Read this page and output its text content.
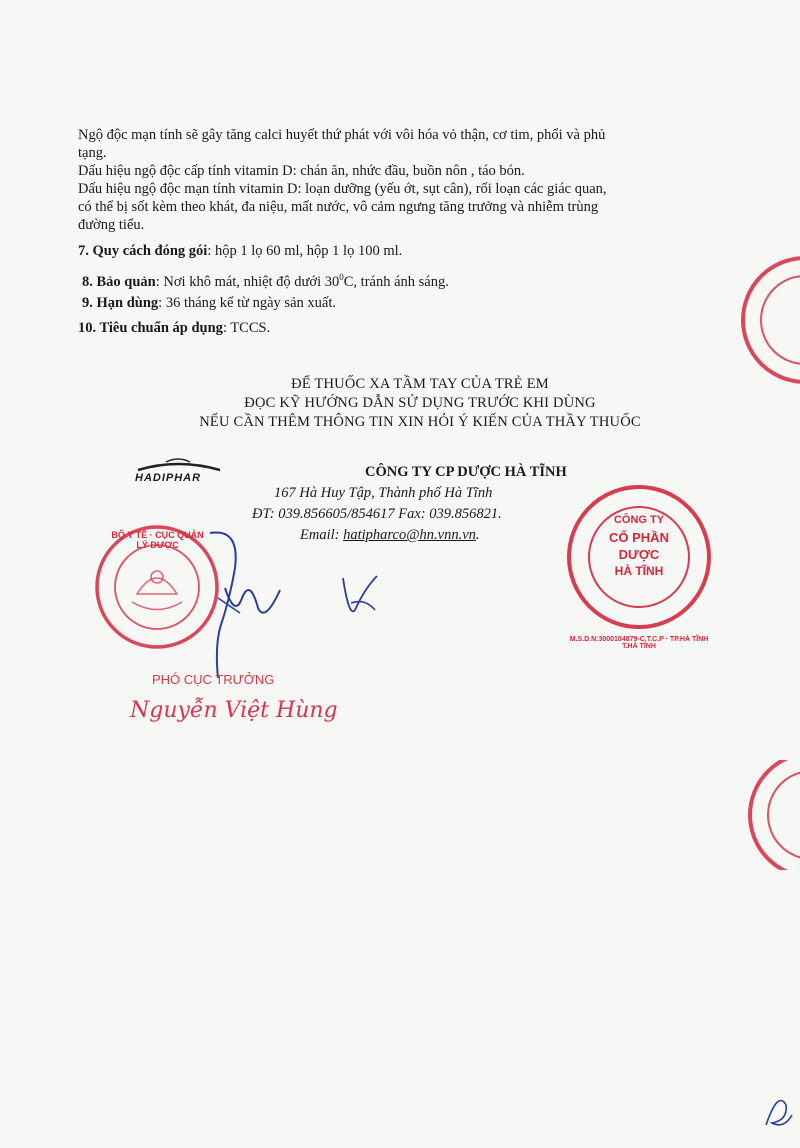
Ngộ độc mạn tính sẽ gây tăng calci huyết thứ phát với vôi hóa vỏ thận, cơ tim, phổi và phủ

tạng.

Dấu hiệu ngộ độc cấp tính vitamin D: chán ăn, nhức đầu, buồn nôn , táo bón.

Dấu hiệu ngộ độc mạn tính vitamin D: loạn dưỡng (yếu ớt, sụt cân), rối loạn các giác quan,

có thể bị sốt kèm theo khát, đa niệu, mất nước, vô cảm ngưng tăng trưởng và nhiễm trùng

đường tiểu.

7. Quy cách đóng gói: hộp 1 lọ 60 ml, hộp 1 lọ 100 ml.
8. Bảo quản: Nơi khô mát, nhiệt độ dưới $30^0C$, tránh ánh sáng.
9. Hạn dùng: 36 tháng kể từ ngày sản xuất.
10. Tiêu chuẩn áp dụng: TCCS.
ĐỂ THUỐC XA TẦM TAY CỦA TRẺ EM
ĐỌC KỸ HƯỚNG DẪN SỬ DỤNG TRƯỚC KHI DÙNG
NẾU CẦN THÊM THÔNG TIN XIN HỎI Ý KIẾN CỦA THẦY THUỐC
HADIPHAR	CÔNG TY CP DƯỢC HÀ TĨNH
167 Hà Huy Tập, Thành phố Hà Tĩnh
ĐT: 039.856605/854617 Fax: 039.856821.
Email: hatipharco@hn.vnn.vn.
BỘ Y TẾ · CỤC QUẢN LÝ DƯỢC
PHÓ CỤC TRƯỞNG
Nguyễn Việt Hùng
CÔNG TY
CỔ PHẦN
DƯỢC
HÀ TĨNH
M.S.D.N:3000104879-C.T.C.P · TP.HÀ TĨNH T.HÀ TĨNH
